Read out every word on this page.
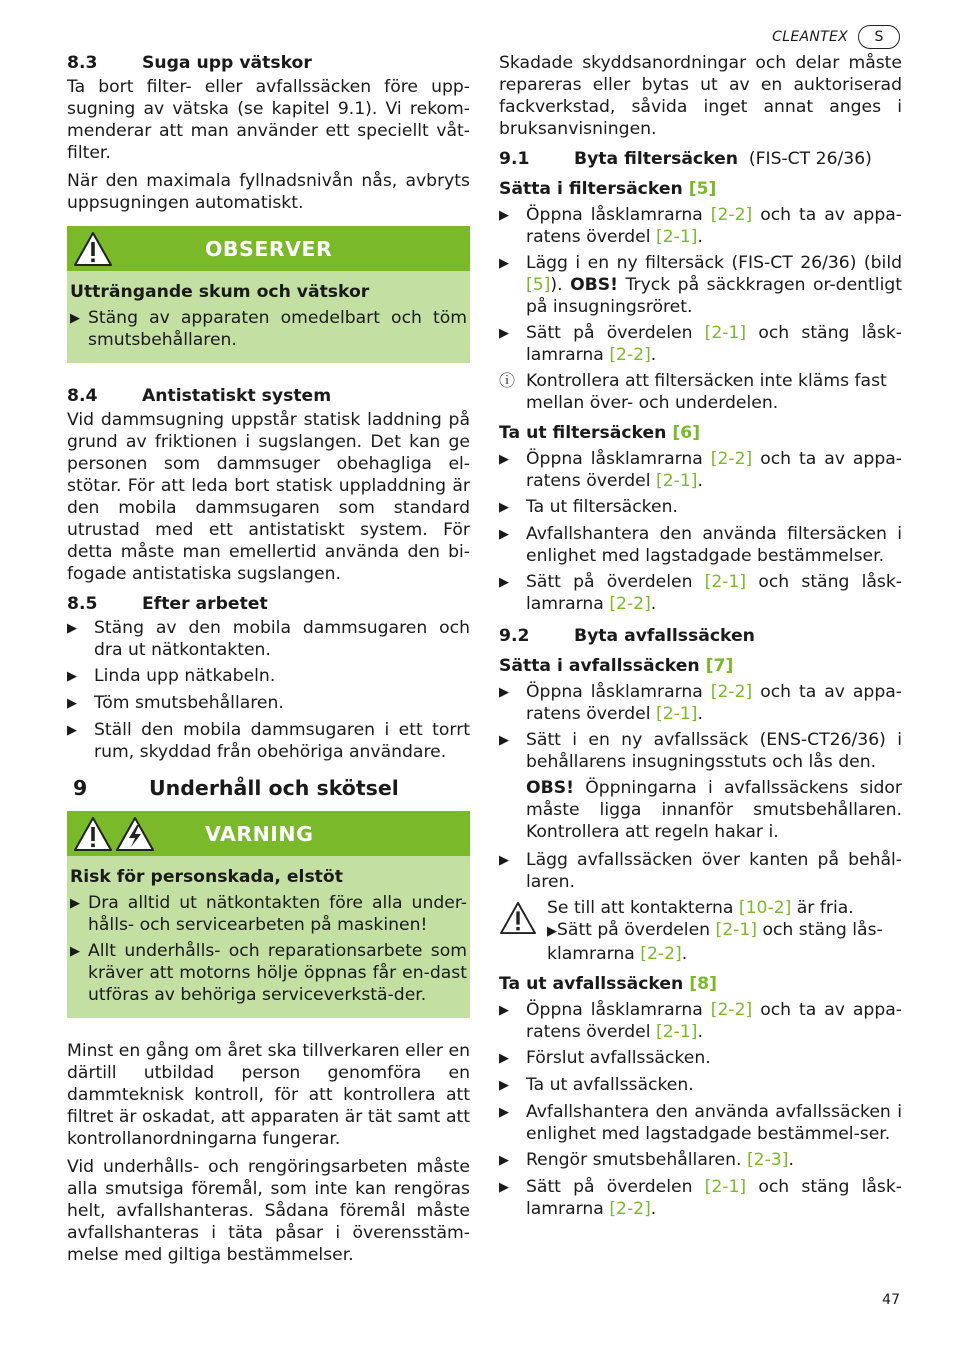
CLEANTEX	S
8.3	Suga upp vätskor

Ta bort filter- eller avfallssäcken före upp-sugning av vätska (se kapitel 9.1). Vi rekom-menderar att man använder ett speciellt våt-filter.

När den maximala fyllnadsnivån nås, avbryts uppsugningen automatiskt.

OBSERVER
Utträngande skum och vätskor
▶ Stäng av apparaten omedelbart och töm smutsbehållaren.
8.4	Antistatiskt system

Vid dammsugning uppstår statisk laddning på grund av friktionen i sugslangen. Det kan ge personen som dammsuger obehagliga el-stötar. För att leda bort statisk uppladdning är den mobila dammsugaren som standard utrustad med ett antistatiskt system. För detta måste man emellertid använda den bi-fogade antistatiska sugslangen.

8.5	Efter arbetet
▶ Stäng av den mobila dammsugaren och dra ut nätkontakten.
▶ Linda upp nätkabeln.
▶ Töm smutsbehållaren.
▶ Ställ den mobila dammsugaren i ett torrt rum, skyddad från obehöriga användare.
9	Underhåll och skötsel
VARNING
Risk för personskada, elstöt
▶ Dra alltid ut nätkontakten före alla under-hålls- och servicearbeten på maskinen!
▶ Allt underhålls- och reparationsarbete som kräver att motorns hölje öppnas får en-dast utföras av behöriga serviceverkstä-der.

Minst en gång om året ska tillverkaren eller en därtill utbildad person genomföra en dammteknisk kontroll, för att kontrollera att filtret är oskadat, att apparaten är tät samt att kontrollanordningarna fungerar.

Vid underhålls- och rengöringsarbeten måste alla smutsiga föremål, som inte kan rengöras helt, avfallshanteras. Sådana föremål måste avfallshanteras i täta påsar i överensstäm-melse med giltiga bestämmelser.

Skadade skyddsanordningar och delar måste repareras eller bytas ut av en auktoriserad fackverkstad, såvida inget annat anges i bruksanvisningen.

9.1	Byta filtersäcken
(FIS-CT 26/36)
Sätta i filtersäcken [5]
▶ Öppna låsklamrarna [2-2] och ta av appa-ratens överdel [2-1].
▶ Lägg i en ny filtersäck (FIS-CT 26/36) (bild [5]). OBS! Tryck på säckkragen or-dentligt på insugningsröret.
▶ Sätt på överdelen [2-1] och stäng låsk-lamrarna [2-2].
ⓘ Kontrollera att filtersäcken inte kläms fast mellan över- och underdelen.
Ta ut filtersäcken [6]
▶ Öppna låsklamrarna [2-2] och ta av appa-ratens överdel [2-1].
▶ Ta ut filtersäcken.
▶ Avfallshantera den använda filtersäcken i enlighet med lagstadgade bestämmelser.
▶ Sätt på överdelen [2-1] och stäng låsk-lamrarna [2-2].
9.2	Byta avfallssäcken
Sätta i avfallssäcken [7]
▶ Öppna låsklamrarna [2-2] och ta av appa-ratens överdel [2-1].
▶ Sätt i en ny avfallssäck (ENS-CT26/36) i behållarens insugningsstuts och lås den.

OBS! Öppningarna i avfallssäckens sidor måste ligga innanför smutsbehållaren. Kontrollera att regeln hakar i.

▶ Lägg avfallssäcken över kanten på behål-laren.
Se till att kontakterna [10-2] är fria.
▶Sätt på överdelen [2-1] och stäng lås-klamrarna [2-2].
Ta ut avfallssäcken [8]
▶ Öppna låsklamrarna [2-2] och ta av appa-ratens överdel [2-1].
▶ Förslut avfallssäcken.
▶ Ta ut avfallssäcken.
▶ Avfallshantera den använda avfallssäcken i enlighet med lagstadgade bestämmel-ser.
▶ Rengör smutsbehållaren. [2-3].
▶ Sätt på överdelen [2-1] och stäng låsk-lamrarna [2-2].
47
